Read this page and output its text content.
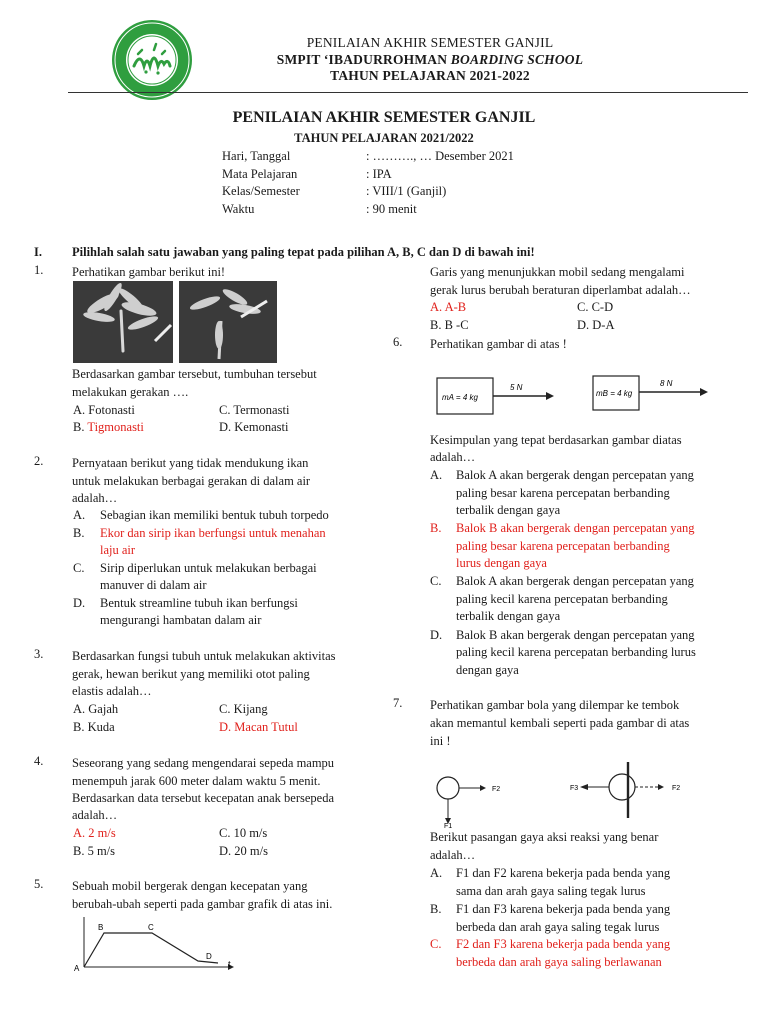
PENILAIAN AKHIR SEMESTER GANJIL
SMPIT ‘IBADURROHMAN BOARDING SCHOOL
TAHUN PELAJARAN 2021-2022
PENILAIAN AKHIR SEMESTER GANJIL
TAHUN PELAJARAN 2021/2022
Hari, Tanggal
Mata Pelajaran
Kelas/Semester
Waktu
: ………., … Desember 2021
: IPA
: VIII/1 (Ganjil)
: 90 menit
I. Pilihlah salah satu jawaban yang paling tepat pada pilihan A, B, C dan D di bawah ini!
1. Perhatikan gambar berikut ini!
Berdasarkan gambar tersebut, tumbuhan tersebut
melakukan gerakan ….
A. Fotonasti
B. Tigmonasti
C. Termonasti
D. Kemonasti
2. Pernyataan berikut yang tidak mendukung ikan
untuk melakukan berbagai gerakan di dalam air
adalah…
A. Sebagian ikan memiliki bentuk tubuh torpedo
B. Ekor dan sirip ikan berfungsi untuk menahan
laju air
C. Sirip diperlukan untuk melakukan berbagai
manuver di dalam air
D. Bentuk streamline tubuh ikan berfungsi
mengurangi hambatan dalam air
3. Berdasarkan fungsi tubuh untuk melakukan aktivitas
gerak, hewan berikut yang memiliki otot paling
elastis adalah…
A. Gajah
B. Kuda
C. Kijang
D. Macan Tutul
4. Seseorang yang sedang mengendarai sepeda mampu
menempuh jarak 600 meter dalam waktu 5 menit.
Berdasarkan data tersebut kecepatan anak bersepeda
adalah…
A. 2 m/s
B. 5 m/s
C. 10 m/s
D. 20 m/s
5. Sebuah mobil bergerak dengan kecepatan yang
berubah-ubah seperti pada gambar grafik di atas ini.
A
B	C
D
t
Garis yang menunjukkan mobil sedang mengalami
gerak lurus berubah beraturan diperlambat adalah…
A. A-B
B. B -C
C. C-D
D. D-A
6. Perhatikan gambar di atas !
mA = 4 kg
5 N
mB = 4 kg
8 N
Kesimpulan yang tepat berdasarkan gambar diatas
adalah…
A. Balok A akan bergerak dengan percepatan yang
paling besar karena percepatan berbanding
terbalik dengan gaya
B. Balok B akan bergerak dengan percepatan yang
paling besar karena percepatan berbanding
lurus dengan gaya
C. Balok A akan bergerak dengan percepatan yang
paling kecil karena percepatan berbanding
terbalik dengan gaya
D. Balok B akan bergerak dengan percepatan yang
paling kecil karena percepatan berbanding lurus
dengan gaya
7. Perhatikan gambar bola yang dilempar ke tembok
akan memantul kembali seperti pada gambar di atas
ini !
F2
F1
F3	F2
Berikut pasangan gaya aksi reaksi yang benar
adalah…
A. F1 dan F2 karena bekerja pada benda yang
sama dan arah gaya saling tegak lurus
B. F1 dan F3 karena bekerja pada benda yang
berbeda dan arah gaya saling tegak lurus
C. F2 dan F3 karena bekerja pada benda yang
berbeda dan arah gaya saling berlawanan
